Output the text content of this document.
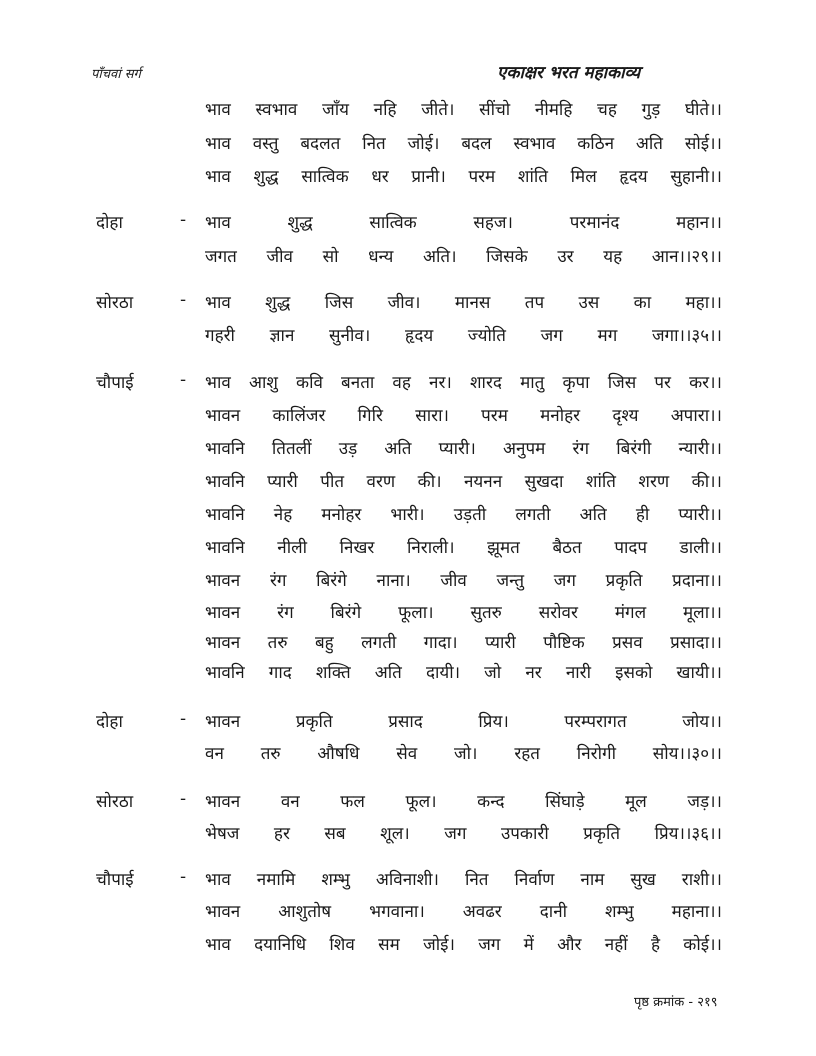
पाँचवां सर्ग	एकाक्षर भरत महाकाव्य
भाव स्वभाव जाँय नहि जीते। सींचो नीमहि चह गुड़ घीते।।
भाव वस्तु बदलत नित जोई। बदल स्वभाव कठिन अति सोई।।
भाव शुद्ध सात्विक धर प्रानी। परम शांति मिल हृदय सुहानी।।
दोहा	- भाव शुद्ध सात्विक सहज। परमानंद महान।।
जगत जीव सो धन्य अति। जिसके उर यह आन।।२९।।
सोरठा	- भाव शुद्ध जिस जीव। मानस तप उस का महा।।
गहरी ज्ञान सुनीव। हृदय ज्योति जग मग जगा।।३५।।
चौपाई	- भाव आशु कवि बनता वह नर। शारद मातु कृपा जिस पर कर।।
भावन कालिंजर गिरि सारा। परम मनोहर दृश्य अपारा।।
भावनि तितलीं उड़ अति प्यारी। अनुपम रंग बिरंगी न्यारी।।
भावनि प्यारी पीत वरण की। नयनन सुखदा शांति शरण की।।
भावनि नेह मनोहर भारी। उड़ती लगती अति ही प्यारी।।
भावनि नीली निखर निराली। झूमत बैठत पादप डाली।।
भावन रंग बिरंगे नाना। जीव जन्तु जग प्रकृति प्रदाना।।
भावन रंग बिरंगे फूला। सुतरु सरोवर मंगल मूला।।
भावन तरु बहु लगती गादा। प्यारी पौष्टिक प्रसव प्रसादा।।
भावनि गाद शक्ति अति दायी। जो नर नारी इसको खायी।।
दोहा	- भावन प्रकृति प्रसाद प्रिय। परम्परागत जोय।।
वन तरु औषधि सेव जो। रहत निरोगी सोय।।३०।।
सोरठा	- भावन वन फल फूल। कन्द सिंघाड़े मूल जड़।।
भेषज हर सब शूल। जग उपकारी प्रकृति प्रिय।।३६।।
चौपाई	- भाव नमामि शम्भु अविनाशी। नित निर्वाण नाम सुख राशी।।
भावन आशुतोष भगवाना। अवढर दानी शम्भु महाना।।
भाव दयानिधि शिव सम जोई। जग में और नहीं है कोई।।
पृष्ठ क्रमांक - २१९
